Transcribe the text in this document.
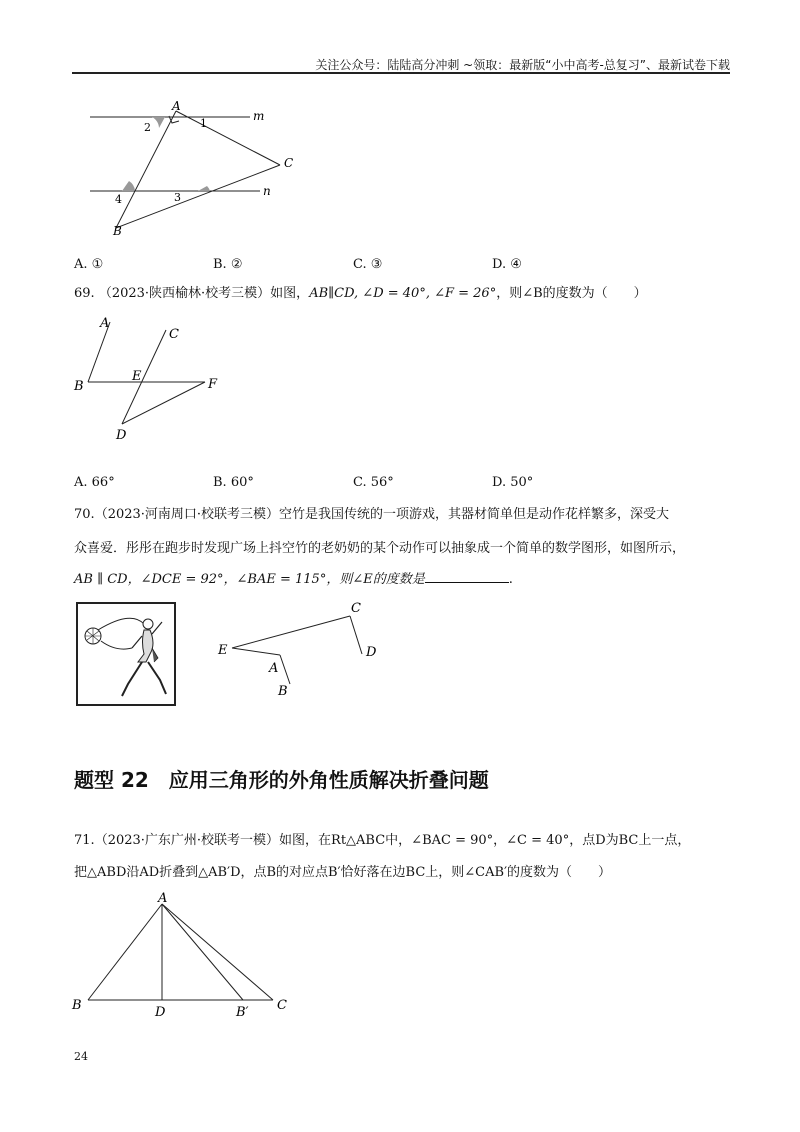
关注公众号：陆陆高分冲刺 ~领取：最新版“小中高考-总复习”、最新试卷下载
A
m
n
C
B
1
2
3
4
A. ①	B. ②	C. ③	D. ④
69. （2023·陕西榆林·校考三模）如图，AB∥CD, ∠D = 40°, ∠F = 26°，则∠B的度数为（　　）
A
C
B
E
F
D
A. 66°	B. 60°	C. 56°	D. 50°
70.（2023·河南周口·校联考三模）空竹是我国传统的一项游戏，其器材简单但是动作花样繁多，深受大
众喜爱．彤彤在跑步时发现广场上抖空竹的老奶奶的某个动作可以抽象成一个简单的数学图形，如图所示，
AB ∥ CD，∠DCE = 92°，∠BAE = 115°，则∠E的度数是	.
C
D
E
A
B
题型 22　应用三角形的外角性质解决折叠问题
71.（2023·广东广州·校联考一模）如图，在Rt△ABC中，∠BAC = 90°，∠C = 40°，点D为BC上一点，
把△ABD沿AD折叠到△AB′D，点B的对应点B′恰好落在边BC上，则∠CAB′的度数为（　　）
A
B	D	B′ C
24
